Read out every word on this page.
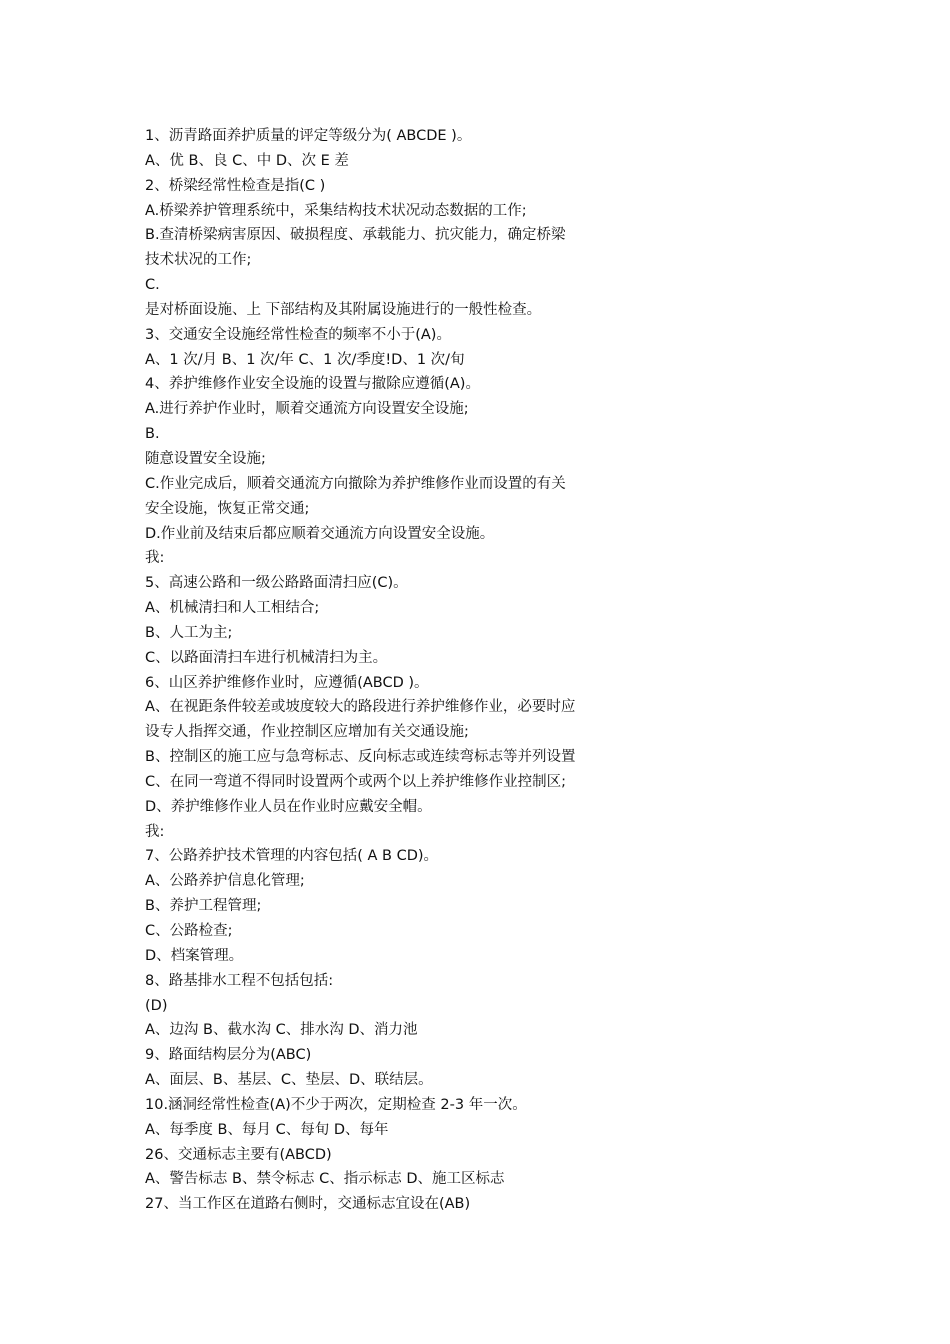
1、沥青路面养护质量的评定等级分为( ABCDE )。
A、优 B、良 C、中 D、次 E 差
2、桥梁经常性检查是指(C )
A.桥梁养护管理系统中，采集结构技术状况动态数据的工作;
B.查清桥梁病害原因、破损程度、承载能力、抗灾能力，确定桥梁
技术状况的工作;
C.
是对桥面设施、上 下部结构及其附属设施进行的一般性检查。
3、交通安全设施经常性检查的频率不小于(A)。
A、1 次/月 B、1 次/年 C、1 次/季度!D、1 次/旬
4、养护维修作业安全设施的设置与撤除应遵循(A)。
A.进行养护作业时，顺着交通流方向设置安全设施;
B.
随意设置安全设施;
C.作业完成后，顺着交通流方向撤除为养护维修作业而设置的有关
安全设施，恢复正常交通;
D.作业前及结束后都应顺着交通流方向设置安全设施。
我:
5、高速公路和一级公路路面清扫应(C)。
A、机械清扫和人工相结合;
B、人工为主;
C、以路面清扫车进行机械清扫为主。
6、山区养护维修作业时，应遵循(ABCD )。
A、在视距条件较差或坡度较大的路段进行养护维修作业，必要时应
设专人指挥交通，作业控制区应增加有关交通设施;
B、控制区的施工应与急弯标志、反向标志或连续弯标志等并列设置
C、在同一弯道不得同时设置两个或两个以上养护维修作业控制区;
D、养护维修作业人员在作业时应戴安全帽。
我:
7、公路养护技术管理的内容包括( A B CD)。
A、公路养护信息化管理;
B、养护工程管理;
C、公路检查;
D、档案管理。
8、路基排水工程不包括包括:
(D)
A、边沟 B、截水沟 C、排水沟 D、消力池
9、路面结构层分为(ABC)
A、面层、B、基层、C、垫层、D、联结层。
10.涵洞经常性检查(A)不少于两次，定期检查 2-3 年一次。
A、每季度 B、每月 C、每旬 D、每年
26、交通标志主要有(ABCD)
A、警告标志 B、禁令标志 C、指示标志 D、施工区标志
27、当工作区在道路右侧时，交通标志宜设在(AB)
